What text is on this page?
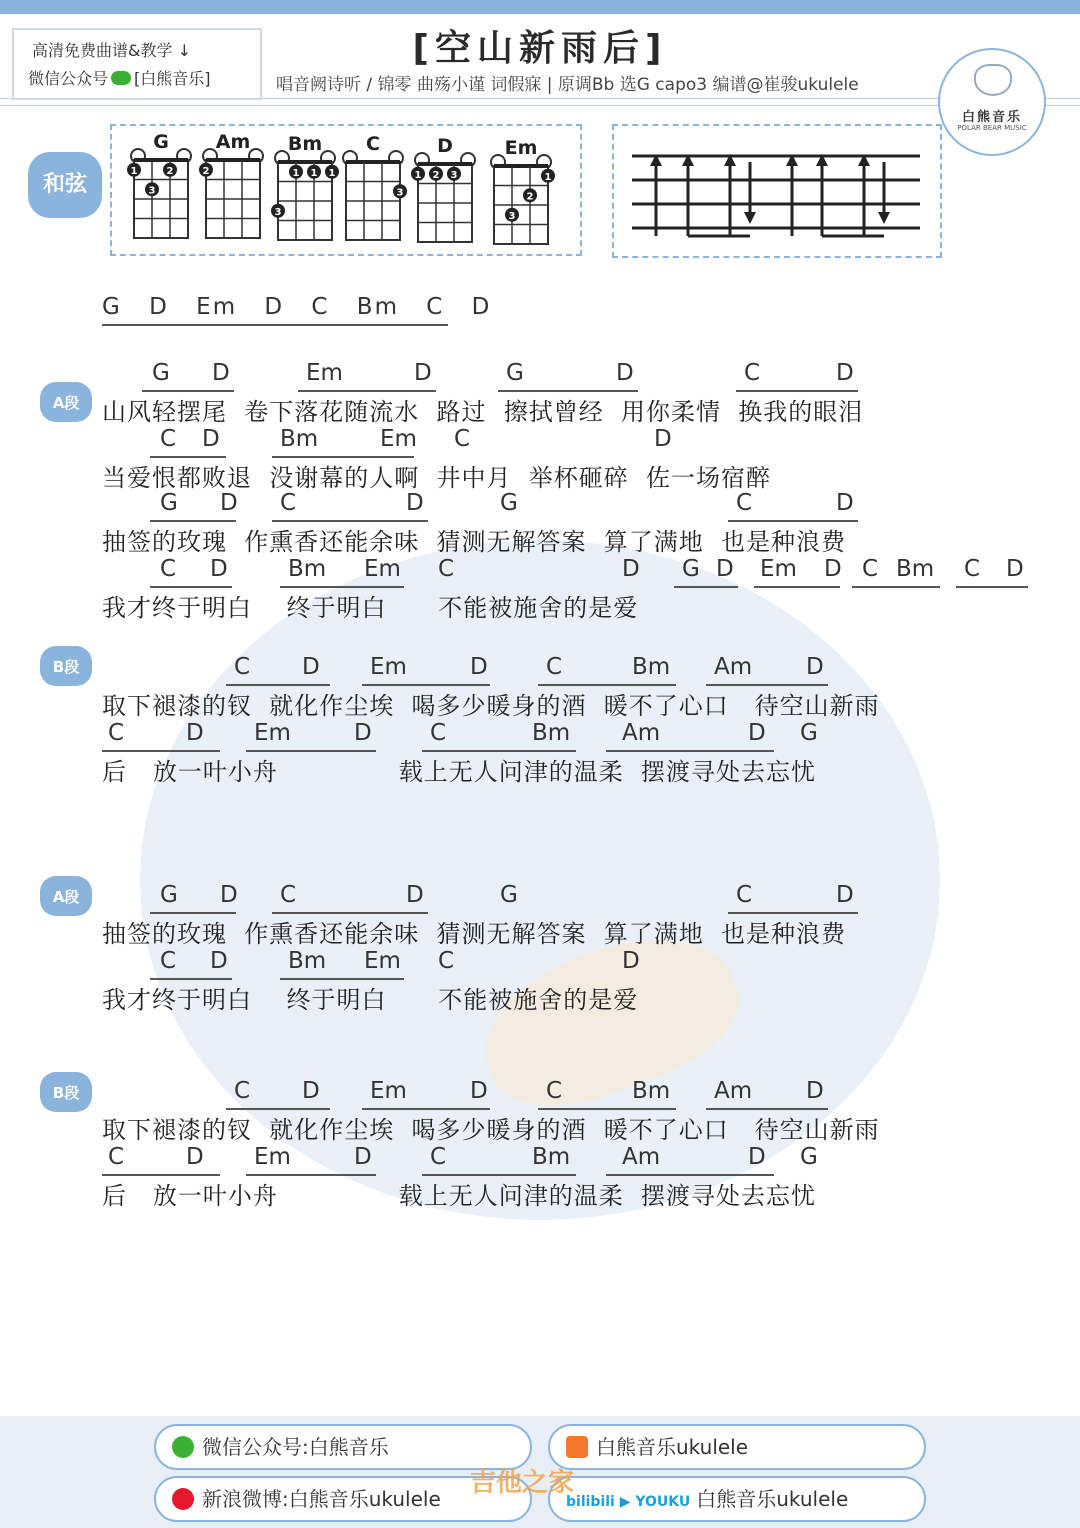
高清免费曲谱&教学 ↓
微信公众号 [白熊音乐]
[空山新雨后]
唱音阙诗听 / 锦零 曲殇小谨 词假寐 | 原调Bb 选G capo3 编谱@崔骏ukulele
白熊音乐
POLAR BEAR MUSIC
和弦
G
1	2
3
Am
2
Bm
1 1 1
3
C
3
D
1 2 3
Em
1
2
3
G D Em D C Bm C D
A段
B段
A段
B段
G D	Em	D	G	D	C	D
山风轻摆尾  卷下落花随流水  路过  擦拭曾经  用你柔情  换我的眼泪
C D	Bm	Em C	D
当爱恨都败退  没谢幕的人啊  井中月  举杯砸碎  佐一场宿醉
G D C	D	G	C	D
抽签的玫瑰  作熏香还能余味  猜测无解答案  算了满地  也是种浪费
C D	Bm Em C	D G D Em D C Bm C D
我才终于明白    终于明白      不能被施舍的是爱
C D Em	D	C	Bm Am D
取下褪漆的钗  就化作尘埃  喝多少暖身的酒  暖不了心口   待空山新雨
C	D Em	D	C	Bm Am	D G
后   放一叶小舟              载上无人问津的温柔  摆渡寻处去忘忧
G D C	D	G	C	D
抽签的玫瑰  作熏香还能余味  猜测无解答案  算了满地  也是种浪费
C D	Bm Em C	D
我才终于明白    终于明白      不能被施舍的是爱
C D Em	D	C	Bm Am D
取下褪漆的钗  就化作尘埃  喝多少暖身的酒  暖不了心口   待空山新雨
C	D Em	D	C	Bm Am	D G
后   放一叶小舟              载上无人问津的温柔  摆渡寻处去忘忧
微信公众号:白熊音乐	白熊音乐ukulele
新浪微博:白熊音乐ukulele	bilibili ▶ YOUKU 白熊音乐ukulele
吉他之家
